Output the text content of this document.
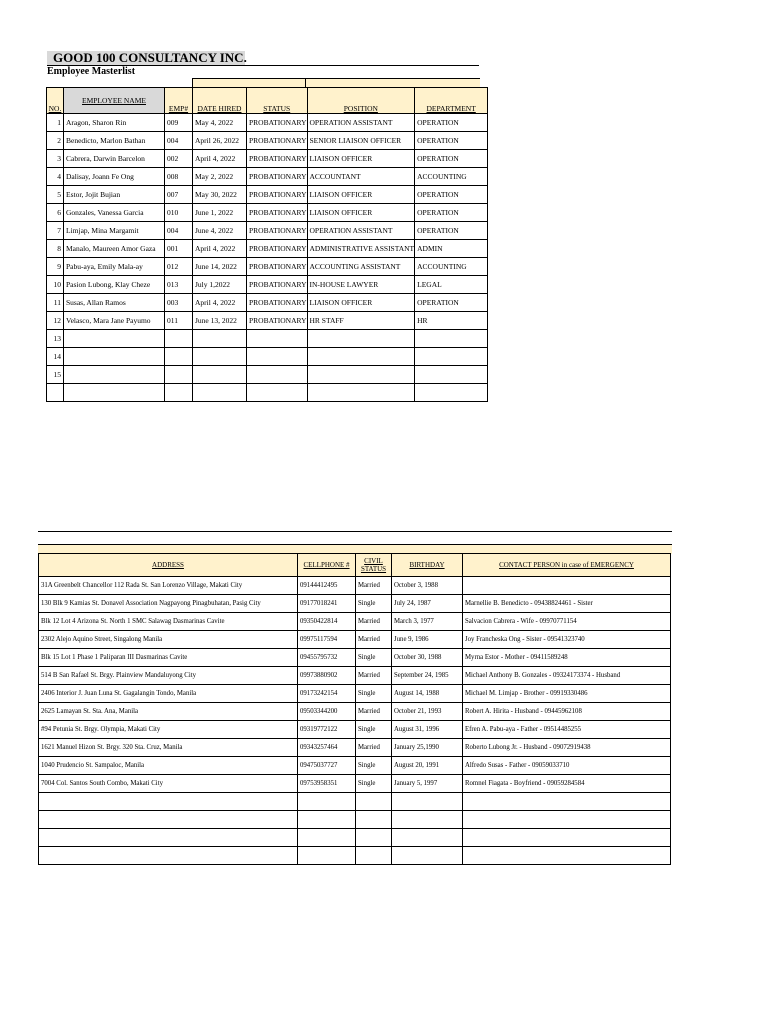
GOOD 100 CONSULTANCY INC.
Employee Masterlist
NO.	EMPLOYEE NAME	EMP#	DATE HIRED	STATUS	POSITION	DEPARTMENT
1	Aragon, Sharon Rin	009	May 4, 2022	PROBATIONARY	OPERATION ASSISTANT	OPERATION
2	Benedicto, Marlon Bathan	004	April 26, 2022	PROBATIONARY	SENIOR LIAISON OFFICER	OPERATION
3	Cabrera, Darwin Barcelon	002	April 4, 2022	PROBATIONARY	LIAISON OFFICER	OPERATION
4	Dalisay, Joann Fe Ong	008	May 2, 2022	PROBATIONARY	ACCOUNTANT	ACCOUNTING
5	Estor, Jojit Bujian	007	May 30, 2022	PROBATIONARY	LIAISON OFFICER	OPERATION
6	Gonzales, Vanessa Garcia	010	June 1, 2022	PROBATIONARY	LIAISON OFFICER	OPERATION
7	Limjap, Mina Margamit	004	June 4, 2022	PROBATIONARY	OPERATION ASSISTANT	OPERATION
8	Manalo, Maureen Amor Gaza	001	April 4, 2022	PROBATIONARY	ADMINISTRATIVE ASSISTANT	ADMIN
9	Pabu-aya, Emily Mala-ay	012	June 14, 2022	PROBATIONARY	ACCOUNTING ASSISTANT	ACCOUNTING
10	Pasion Lubong, Klay Cheze	013	July 1,2022	PROBATIONARY	IN-HOUSE LAWYER	LEGAL
11	Susas, Allan Ramos	003	April 4, 2022	PROBATIONARY	LIAISON OFFICER	OPERATION
12	Velasco, Mara Jane Payumo	011	June 13, 2022	PROBATIONARY	HR STAFF	HR
13						
14						
15						

ADDRESS	CELLPHONE #	CIVIL STATUS	BIRTHDAY	CONTACT PERSON in case of EMERGENCY
31A Greenbelt Chancellor 112 Rada St. San Lorenzo Village, Makati City	09144412495	Married	October 3, 1988	
130 Blk 9 Kamias St. Donavel Association Nagpayong Pinagbuhatan, Pasig City	09177018241	Single	July 24, 1987	Marnellie B. Benedicto - 09438824461 - Sister
Blk 12 Lot 4 Arizona St. North 1 SMC Salawag Dasmarinas Cavite	09350422814	Married	March 3, 1977	Salvacion Cabrera - Wife - 09970771154
2302 Alejo Aquino Street, Singalong Manila	09975117594	Married	June 9, 1986	Joy Francheska Ong - Sister - 09541323740
Blk 15 Lot 1 Phase 1 Paliparan III Dasmarinas Cavite	09455795732	Single	October 30, 1988	Myrna Estor - Mother - 09411589248
514 B San Rafael St. Brgy. Plainview Mandaluyong City	09973880902	Married	September 24, 1985	Michael Anthony B. Gonzales - 09324173374 - Husband
2406 Interior J. Juan Luna St. Gagalangin Tondo, Manila	09173242154	Single	August 14, 1988	Michael M. Limjap - Brother - 09919330486
2625 Lamayan St. Sta. Ana, Manila	09503344200	Married	October 21, 1993	Robert A. Hirita - Husband - 09445962108
#94 Petunia St. Brgy. Olympia, Makati City	09319772122	Single	August 31, 1996	Efren A. Pabu-aya - Father - 09514485255
1621 Manuel Hizon St. Brgy. 320 Sta. Cruz, Manila	09343257464	Married	January 25,1990	Roberto Lubong Jr. - Husband - 09072919438
1040 Prudencio St. Sampaloc, Manila	09475037727	Single	August 20, 1991	Alfredo Susas - Father - 09059033710
7004 Col. Santos South Combo, Makati City	09753958351	Single	January 5, 1997	Romnel Fiagata - Boyfriend - 09059284584
